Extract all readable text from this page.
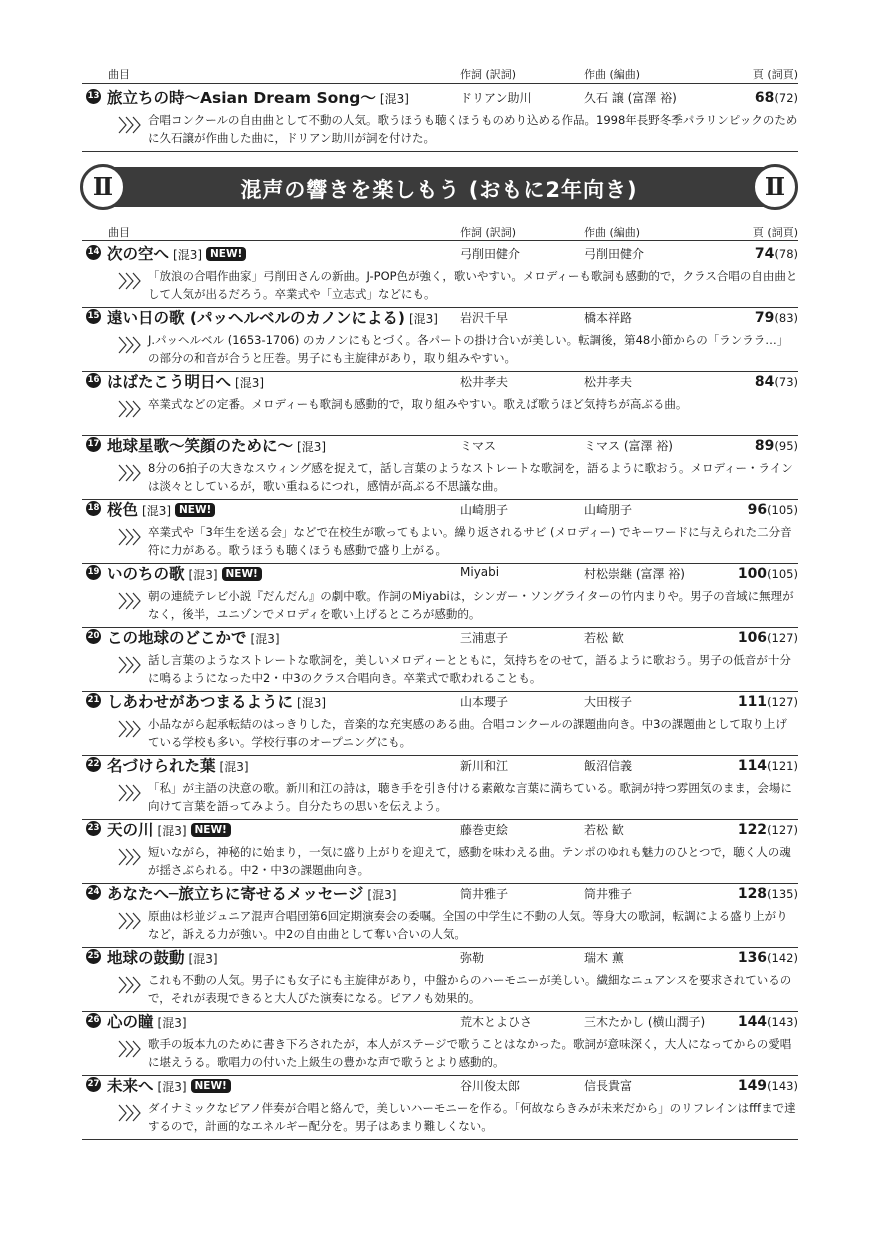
曲目	作詞 (訳詞)	作曲 (編曲)	頁 (詞頁)
13 旅立ちの時～Asian Dream Song～ [混3]	ドリアン助川	久石 譲 (富澤 裕)	68(72)
合唱コンクールの自由曲として不動の人気。歌うほうも聴くほうものめり込める作品。1998年長野冬季パラリンピックのために久石譲が作曲した曲に，ドリアン助川が詞を付けた。
曲目	作詞 (訳詞)	作曲 (編曲)	頁 (詞頁)
14 次の空へ [混3] NEW!	弓削田健介	弓削田健介	74(78)
「放浪の合唱作曲家」弓削田さんの新曲。J-POP色が強く，歌いやすい。メロディーも歌詞も感動的で，クラス合唱の自由曲として人気が出るだろう。卒業式や「立志式」などにも。
15 遠い日の歌 (パッヘルベルのカノンによる) [混3] 岩沢千早	橋本祥路	79(83)
J.パッヘルベル (1653-1706) のカノンにもとづく。各パートの掛け合いが美しい。転調後，第48小節からの「ランララ…」の部分の和音が合うと圧巻。男子にも主旋律があり，取り組みやすい。
16 はばたこう明日へ [混3]	松井孝夫	松井孝夫	84(73)
卒業式などの定番。メロディーも歌詞も感動的で，取り組みやすい。歌えば歌うほど気持ちが高ぶる曲。
17 地球星歌～笑顔のために～ [混3]	ミマス	ミマス (富澤 裕)	89(95)
8分の6拍子の大きなスウィング感を捉えて，話し言葉のようなストレートな歌詞を，語るように歌おう。メロディー・ラインは淡々としているが，歌い重ねるにつれ，感情が高ぶる不思議な曲。
18 桜色 [混3] NEW!	山崎朋子	山崎朋子	96(105)
卒業式や「3年生を送る会」などで在校生が歌ってもよい。繰り返されるサビ (メロディー) でキーワードに与えられた二分音符に力がある。歌うほうも聴くほうも感動で盛り上がる。
19 いのちの歌 [混3] NEW!	Miyabi	村松崇継 (富澤 裕)	100(105)
朝の連続テレビ小説『だんだん』の劇中歌。作詞のMiyabiは，シンガー・ソングライターの竹内まりや。男子の音域に無理がなく，後半，ユニゾンでメロディを歌い上げるところが感動的。
20 この地球のどこかで [混3]	三浦恵子	若松 歓	106(127)
話し言葉のようなストレートな歌詞を，美しいメロディーとともに，気持ちをのせて，語るように歌おう。男子の低音が十分に鳴るようになった中2・中3のクラス合唱向き。卒業式で歌われることも。
21 しあわせがあつまるように [混3]	山本瓔子	大田桜子	111(127)
小品ながら起承転結のはっきりした，音楽的な充実感のある曲。合唱コンクールの課題曲向き。中3の課題曲として取り上げている学校も多い。学校行事のオープニングにも。
22 名づけられた葉 [混3]	新川和江	飯沼信義	114(121)
「私」が主語の決意の歌。新川和江の詩は，聴き手を引き付ける素敵な言葉に満ちている。歌詞が持つ雰囲気のまま，会場に向けて言葉を語ってみよう。自分たちの思いを伝えよう。
23 天の川 [混3] NEW!	藤巻吏絵	若松 歓	122(127)
短いながら，神秘的に始まり，一気に盛り上がりを迎えて，感動を味わえる曲。テンポのゆれも魅力のひとつで，聴く人の魂が揺さぶられる。中2・中3の課題曲向き。
24 あなたへ─旅立ちに寄せるメッセージ [混3]	筒井雅子	筒井雅子	128(135)
原曲は杉並ジュニア混声合唱団第6回定期演奏会の委嘱。全国の中学生に不動の人気。等身大の歌詞，転調による盛り上がりなど，訴える力が強い。中2の自由曲として奪い合いの人気。
25 地球の鼓動 [混3]	弥勒	瑞木 薫	136(142)
これも不動の人気。男子にも女子にも主旋律があり，中盤からのハーモニーが美しい。繊細なニュアンスを要求されているので，それが表現できると大人びた演奏になる。ピアノも効果的。
26 心の瞳 [混3]	荒木とよひさ	三木たかし (横山潤子) 144(143)
歌手の坂本九のために書き下ろされたが，本人がステージで歌うことはなかった。歌詞が意味深く，大人になってからの愛唱に堪えうる。歌唱力の付いた上級生の豊かな声で歌うとより感動的。
27 未来へ [混3] NEW!	谷川俊太郎	信長貴富	149(143)
ダイナミックなピアノ伴奏が合唱と絡んで，美しいハーモニーを作る。「何故ならきみが未来だから」のリフレインはfffまで達するので，計画的なエネルギー配分を。男子はあまり難しくない。
Ⅱ	Ⅱ
混声の響きを楽しもう (おもに2年向き)
